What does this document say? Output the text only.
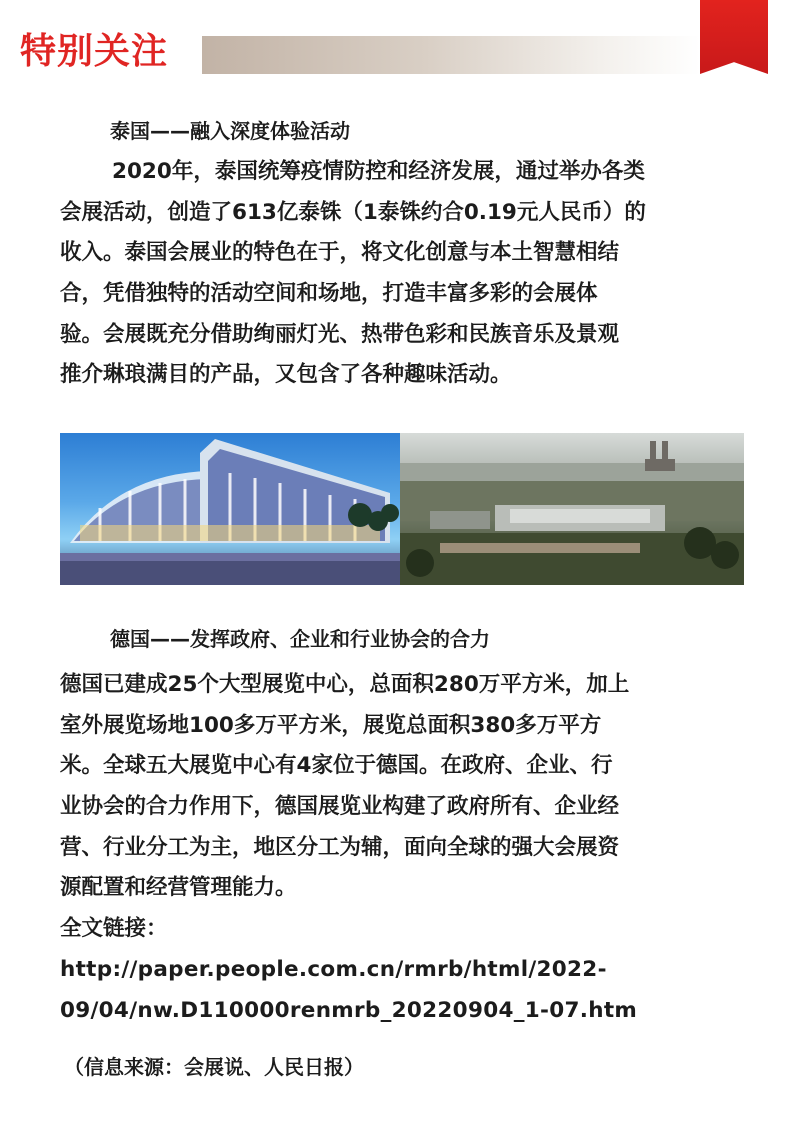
特别关注
泰国——融入深度体验活动
2020年，泰国统筹疫情防控和经济发展，通过举办各类
会展活动，创造了613亿泰铢（1泰铢约合0.19元人民币）的
收入。泰国会展业的特色在于，将文化创意与本土智慧相结
合，凭借独特的活动空间和场地，打造丰富多彩的会展体
验。会展既充分借助绚丽灯光、热带色彩和民族音乐及景观
推介琳琅满目的产品，又包含了各种趣味活动。
德国——发挥政府、企业和行业协会的合力
德国已建成25个大型展览中心，总面积280万平方米，加上
室外展览场地100多万平方米，展览总面积380多万平方
米。全球五大展览中心有4家位于德国。在政府、企业、行
业协会的合力作用下，德国展览业构建了政府所有、企业经
营、行业分工为主，地区分工为辅，面向全球的强大会展资
源配置和经营管理能力。
全文链接：
http://paper.people.com.cn/rmrb/html/2022-
09/04/nw.D110000renmrb_20220904_1-07.htm
（信息来源：会展说、人民日报）
